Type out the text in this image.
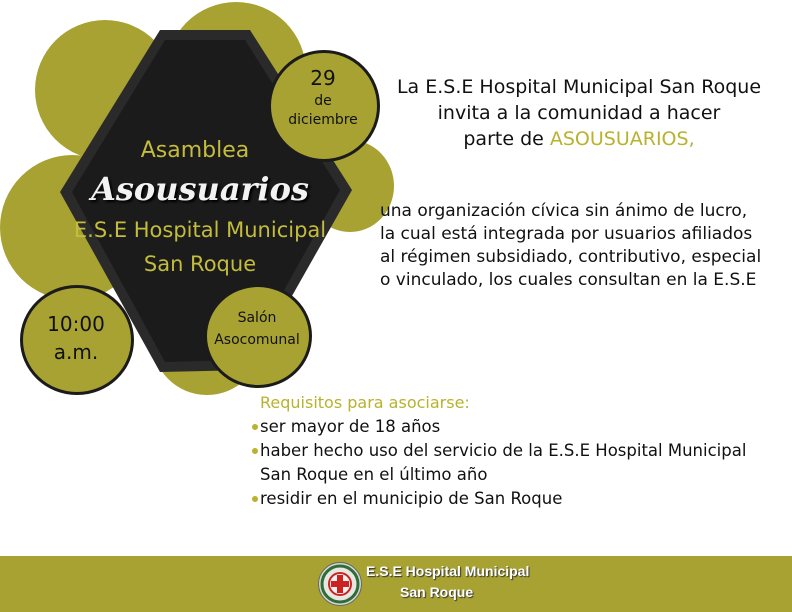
Asamblea
Asousuarios
E.S.E Hospital Municipal
San Roque
29
de
diciembre
10:00
a.m.
Salón
Asocomunal
La E.S.E Hospital Municipal San Roque
invita a la comunidad a hacer
parte de ASOUSUARIOS,
una organización cívica sin ánimo de lucro,
la cual está integrada por usuarios afiliados
al régimen subsidiado, contributivo, especial
o vinculado, los cuales consultan en la E.S.E
Requisitos para asociarse:
ser mayor de 18 años
haber hecho uso del servicio de la E.S.E Hospital Municipal
San Roque en el último año
residir en el municipio de San Roque
E.S.E Hospital Municipal
San Roque
